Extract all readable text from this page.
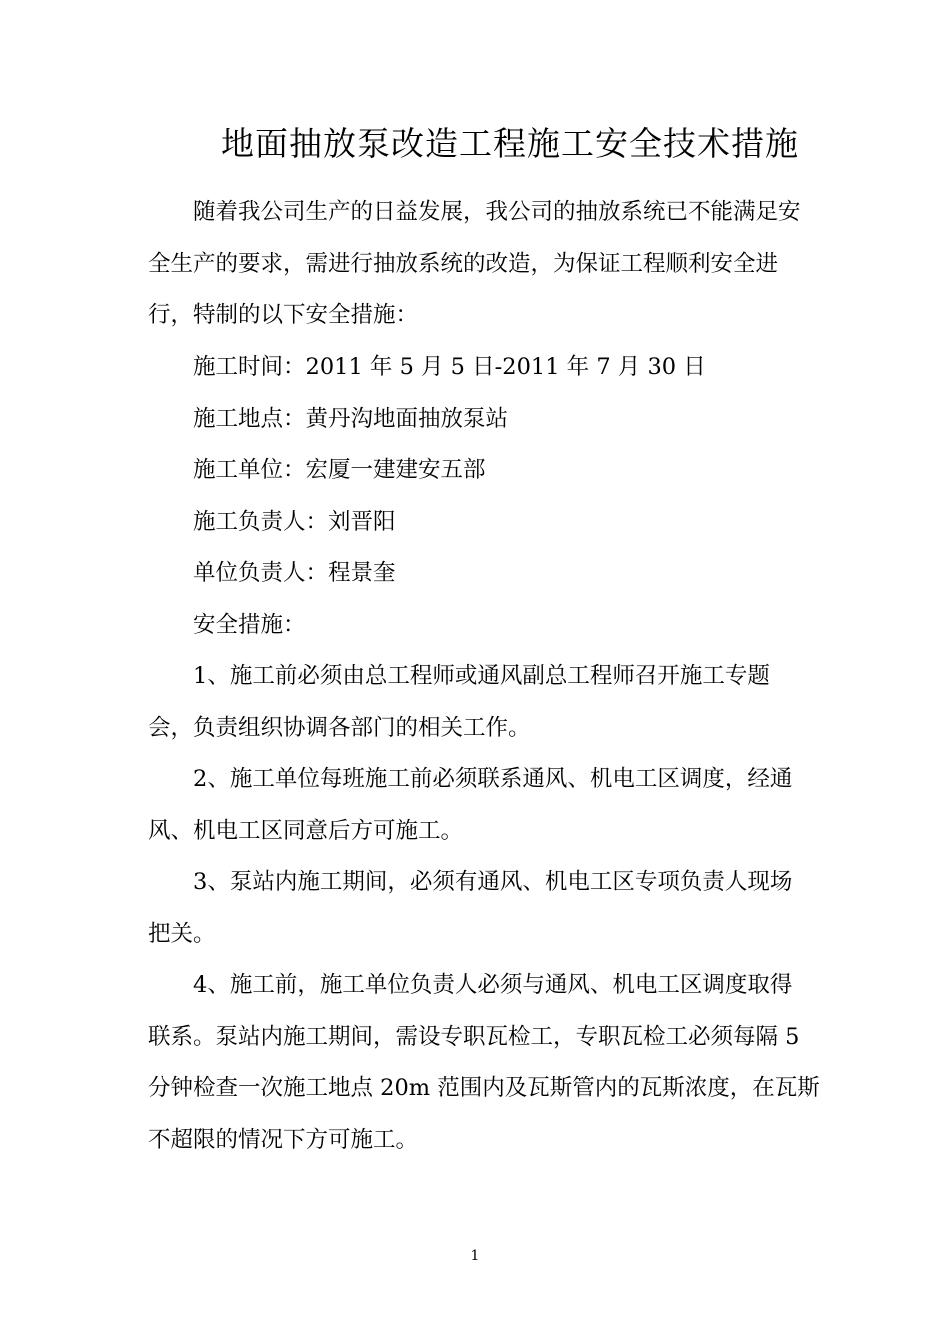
地面抽放泵改造工程施工安全技术措施
随着我公司生产的日益发展，我公司的抽放系统已不能满足安
全生产的要求，需进行抽放系统的改造，为保证工程顺利安全进
行，特制的以下安全措施：
施工时间：2011 年 5 月 5 日-2011 年 7 月 30 日
施工地点：黄丹沟地面抽放泵站
施工单位：宏厦一建建安五部
施工负责人：刘晋阳
单位负责人：程景奎
安全措施：
1、施工前必须由总工程师或通风副总工程师召开施工专题
会，负责组织协调各部门的相关工作。
2、施工单位每班施工前必须联系通风、机电工区调度，经通
风、机电工区同意后方可施工。
3、泵站内施工期间，必须有通风、机电工区专项负责人现场
把关。
4、施工前，施工单位负责人必须与通风、机电工区调度取得
联系。泵站内施工期间，需设专职瓦检工，专职瓦检工必须每隔 5
分钟检查一次施工地点 20m 范围内及瓦斯管内的瓦斯浓度，在瓦斯
不超限的情况下方可施工。
1
